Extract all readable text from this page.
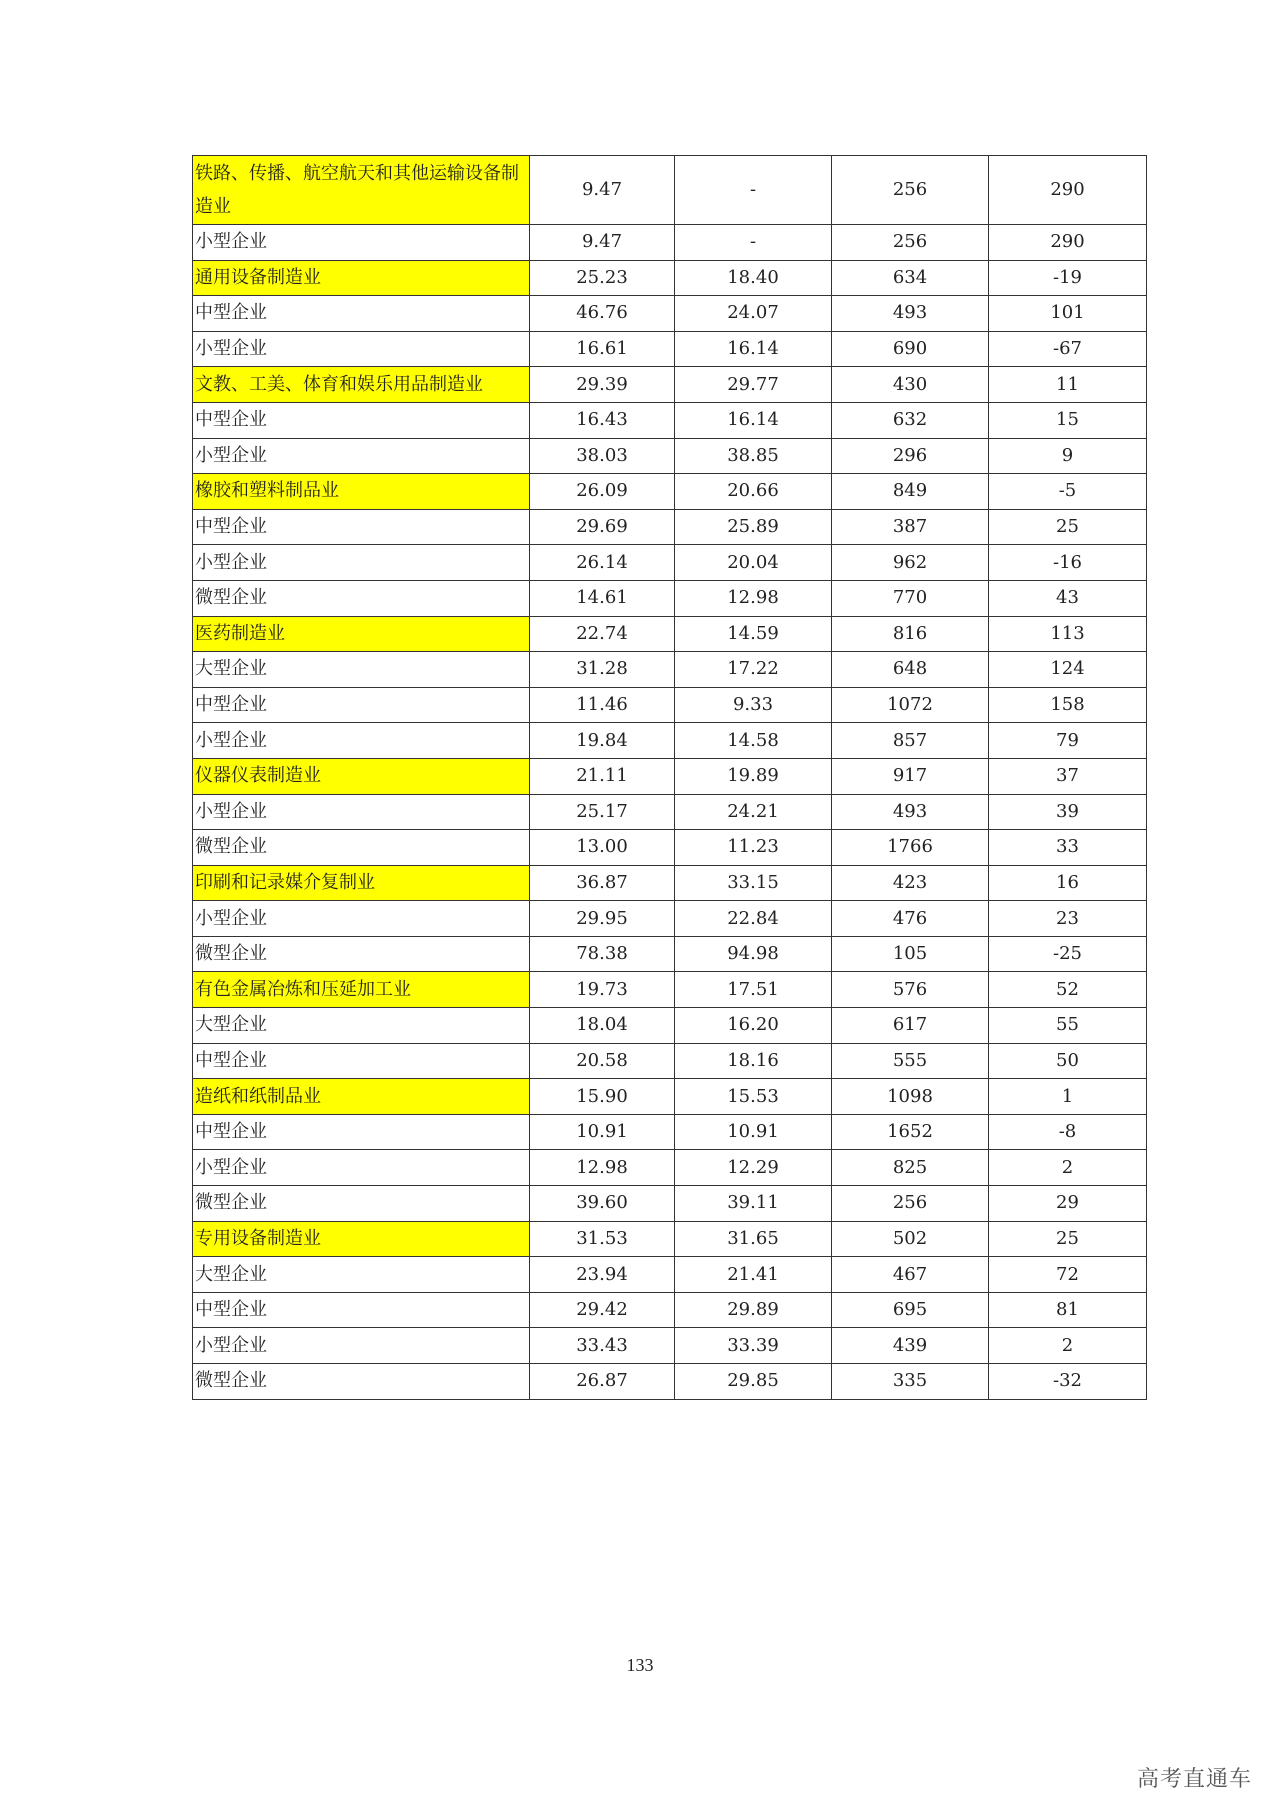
铁路、传播、航空航天和其他运输设备制造业	9.47	-	256	290
小型企业	9.47	-	256	290
通用设备制造业	25.23	18.40	634	-19
中型企业	46.76	24.07	493	101
小型企业	16.61	16.14	690	-67
文教、工美、体育和娱乐用品制造业	29.39	29.77	430	11
中型企业	16.43	16.14	632	15
小型企业	38.03	38.85	296	9
橡胶和塑料制品业	26.09	20.66	849	-5
中型企业	29.69	25.89	387	25
小型企业	26.14	20.04	962	-16
微型企业	14.61	12.98	770	43
医药制造业	22.74	14.59	816	113
大型企业	31.28	17.22	648	124
中型企业	11.46	9.33	1072	158
小型企业	19.84	14.58	857	79
仪器仪表制造业	21.11	19.89	917	37
小型企业	25.17	24.21	493	39
微型企业	13.00	11.23	1766	33
印刷和记录媒介复制业	36.87	33.15	423	16
小型企业	29.95	22.84	476	23
微型企业	78.38	94.98	105	-25
有色金属冶炼和压延加工业	19.73	17.51	576	52
大型企业	18.04	16.20	617	55
中型企业	20.58	18.16	555	50
造纸和纸制品业	15.90	15.53	1098	1
中型企业	10.91	10.91	1652	-8
小型企业	12.98	12.29	825	2
微型企业	39.60	39.11	256	29
专用设备制造业	31.53	31.65	502	25
大型企业	23.94	21.41	467	72
中型企业	29.42	29.89	695	81
小型企业	33.43	33.39	439	2
微型企业	26.87	29.85	335	-32
133
高考直通车
